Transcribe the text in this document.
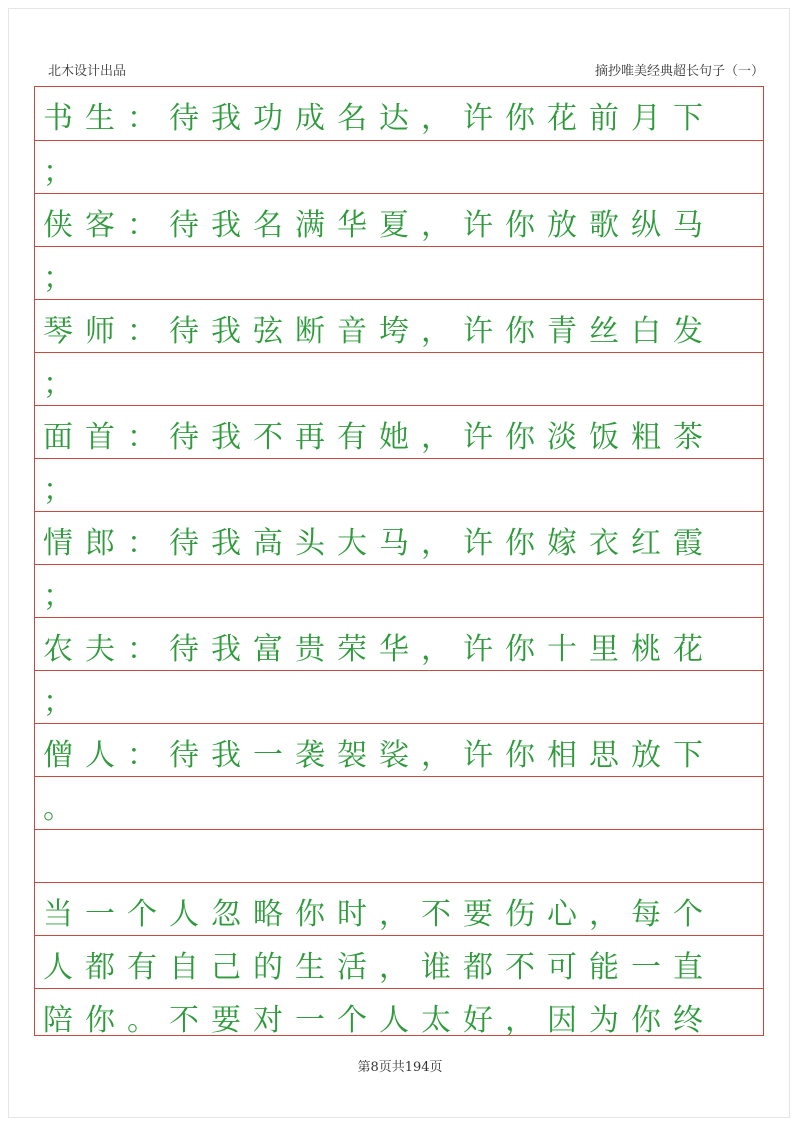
北木设计出品	摘抄唯美经典超长句子（一）
书生：待我功成名达，许你花前月下
；
侠客：待我名满华夏，许你放歌纵马
；
琴师：待我弦断音垮，许你青丝白发
；
面首：待我不再有她，许你淡饭粗茶
；
情郎：待我高头大马，许你嫁衣红霞
；
农夫：待我富贵荣华，许你十里桃花
；
僧人：待我一袭袈裟，许你相思放下
。
当一个人忽略你时，不要伤心，每个
人都有自己的生活，谁都不可能一直
陪你。不要对一个人太好，因为你终
第8页共194页
